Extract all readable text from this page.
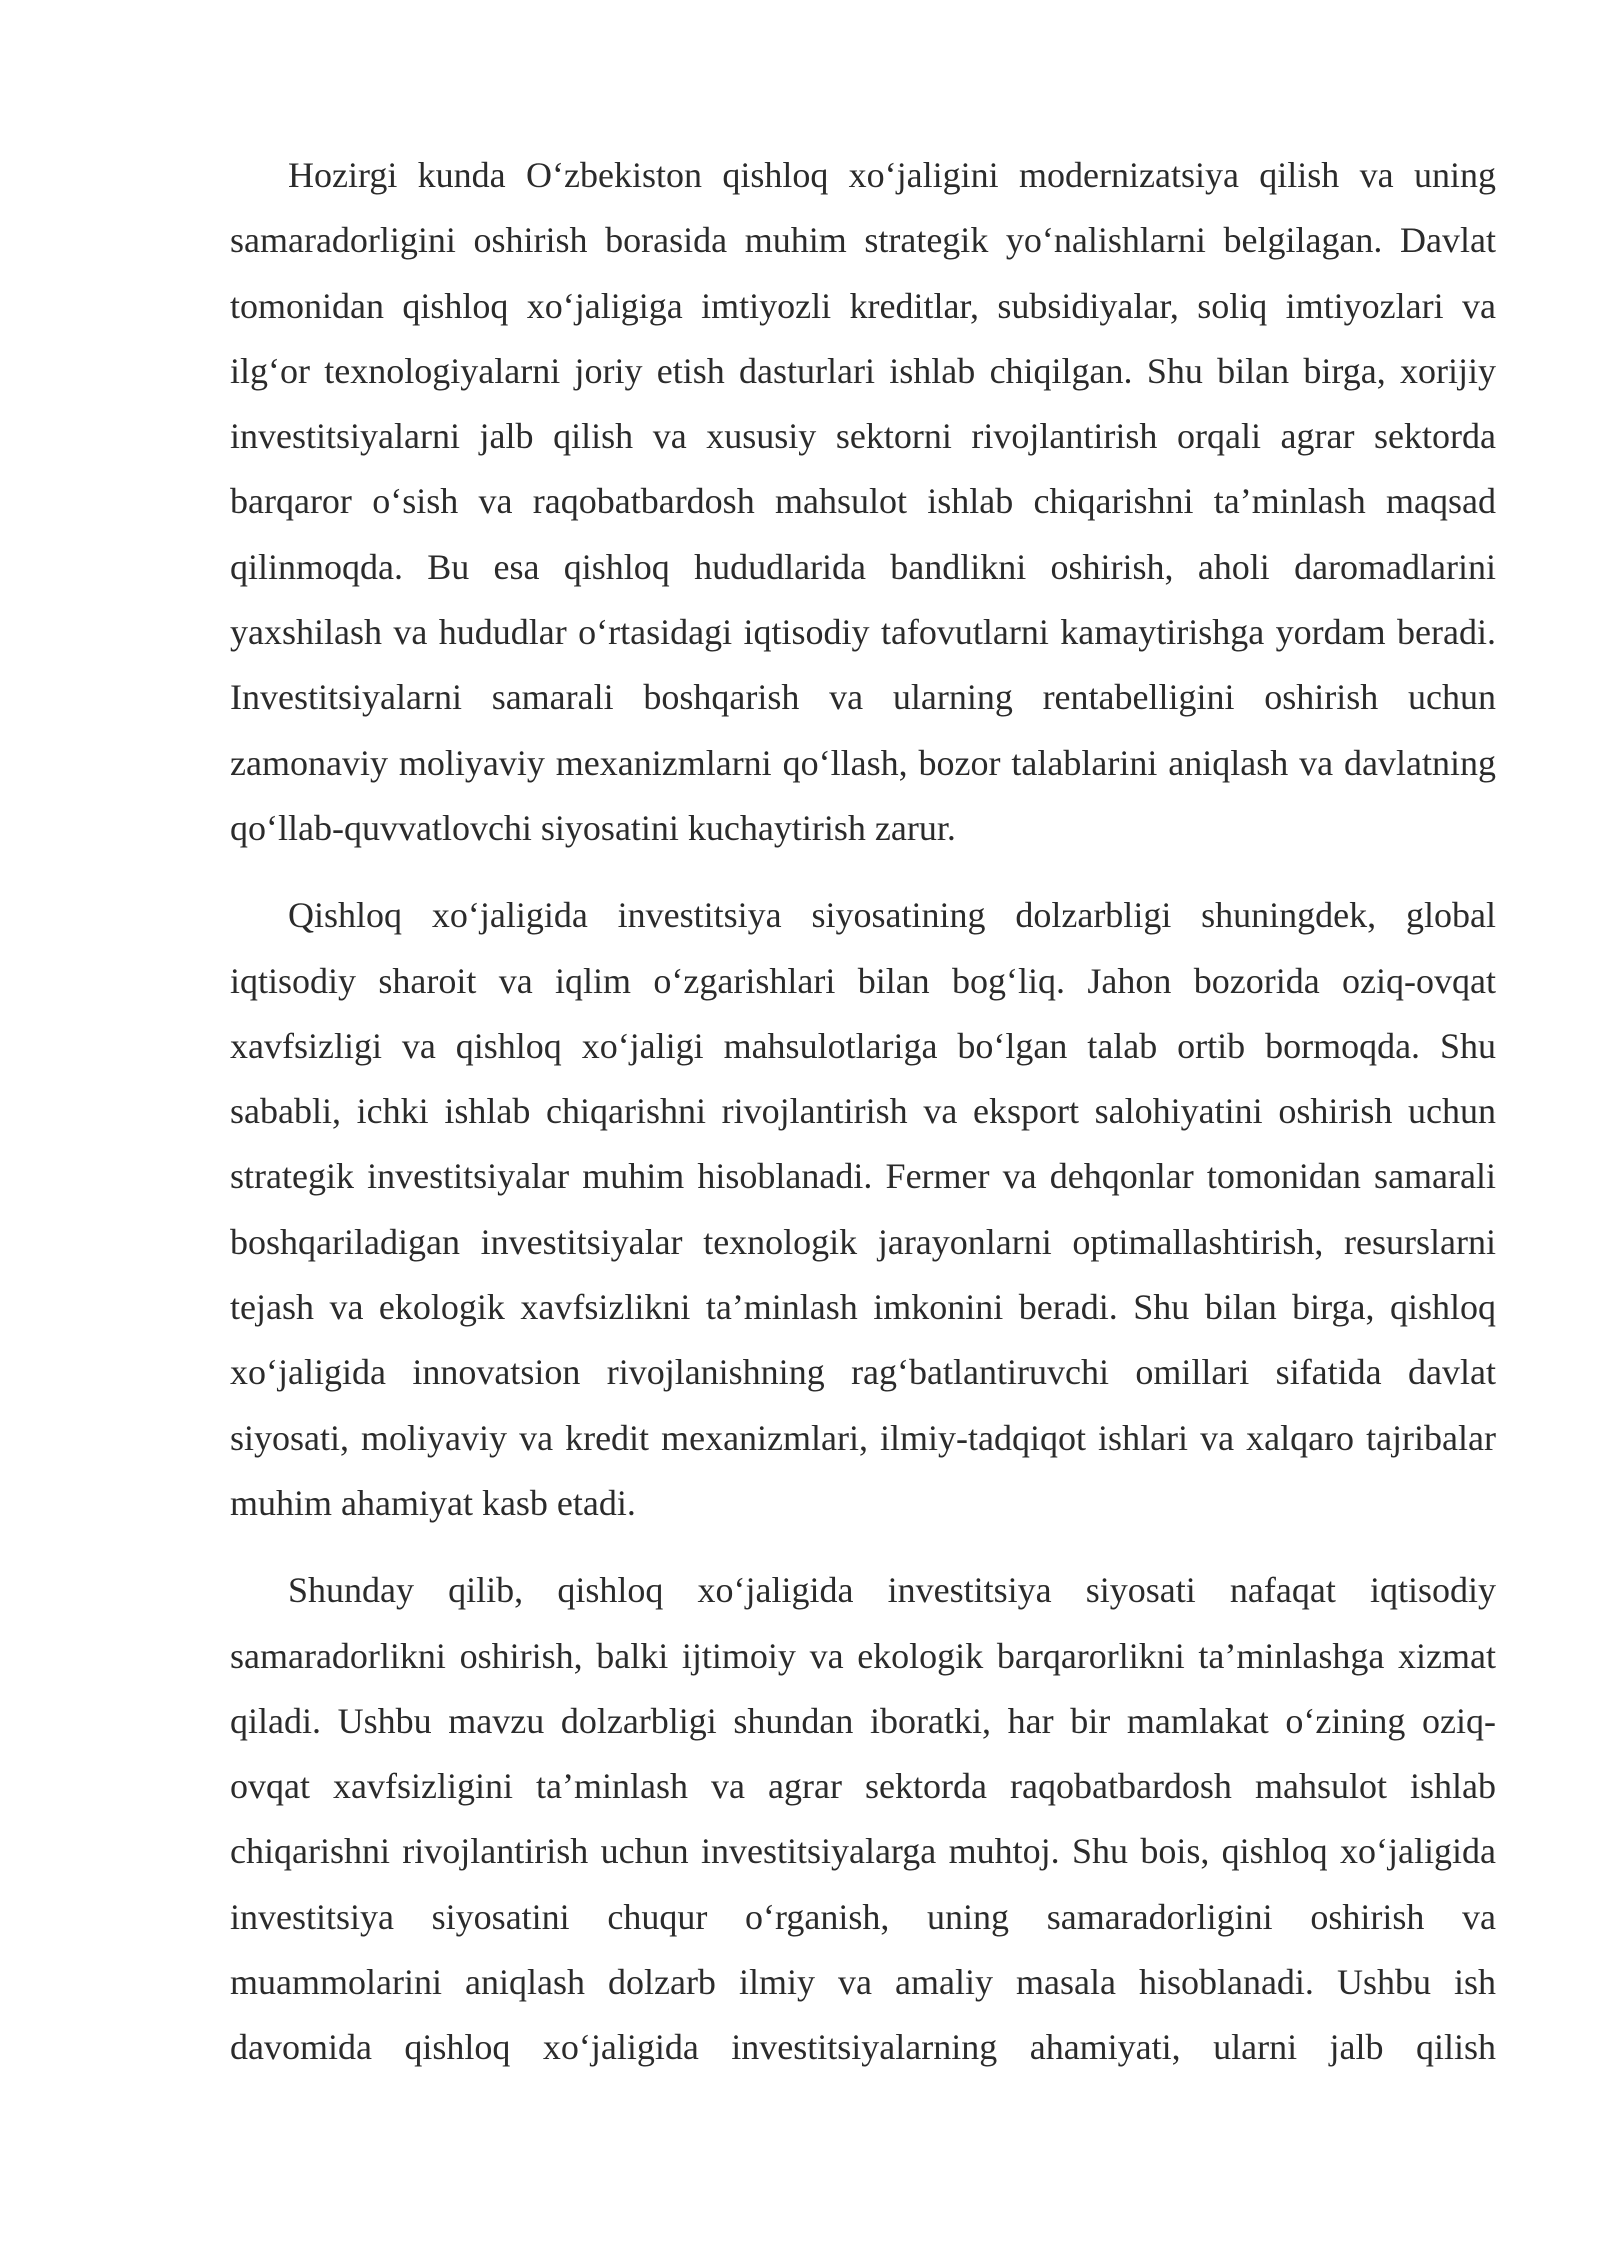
Hozirgi kunda O‘zbekiston qishloq xo‘jaligini modernizatsiya qilish va uning samaradorligini oshirish borasida muhim strategik yo‘nalishlarni belgilagan. Davlat tomonidan qishloq xo‘jaligiga imtiyozli kreditlar, subsidiyalar, soliq imtiyozlari va ilg‘or texnologiyalarni joriy etish dasturlari ishlab chiqilgan. Shu bilan birga, xorijiy investitsiyalarni jalb qilish va xususiy sektorni rivojlantirish orqali agrar sektorda barqaror o‘sish va raqobatbardosh mahsulot ishlab chiqarishni ta’minlash maqsad qilinmoqda. Bu esa qishloq hududlarida bandlikni oshirish, aholi daromadlarini yaxshilash va hududlar o‘rtasidagi iqtisodiy tafovutlarni kamaytirishga yordam beradi. Investitsiyalarni samarali boshqarish va ularning rentabelligini oshirish uchun zamonaviy moliyaviy mexanizmlarni qo‘llash, bozor talablarini aniqlash va davlatning qo‘llab-quvvatlovchi siyosatini kuchaytirish zarur.

Qishloq xo‘jaligida investitsiya siyosatining dolzarbligi shuningdek, global iqtisodiy sharoit va iqlim o‘zgarishlari bilan bog‘liq. Jahon bozorida oziq-ovqat xavfsizligi va qishloq xo‘jaligi mahsulotlariga bo‘lgan talab ortib bormoqda. Shu sababli, ichki ishlab chiqarishni rivojlantirish va eksport salohiyatini oshirish uchun strategik investitsiyalar muhim hisoblanadi. Fermer va dehqonlar tomonidan samarali boshqariladigan investitsiyalar texnologik jarayonlarni optimallashtirish, resurslarni tejash va ekologik xavfsizlikni ta’minlash imkonini beradi. Shu bilan birga, qishloq xo‘jaligida innovatsion rivojlanishning rag‘batlantiruvchi omillari sifatida davlat siyosati, moliyaviy va kredit mexanizmlari, ilmiy-tadqiqot ishlari va xalqaro tajribalar muhim ahamiyat kasb etadi.

Shunday qilib, qishloq xo‘jaligida investitsiya siyosati nafaqat iqtisodiy samaradorlikni oshirish, balki ijtimoiy va ekologik barqarorlikni ta’minlashga xizmat qiladi. Ushbu mavzu dolzarbligi shundan iboratki, har bir mamlakat o‘zining oziq-ovqat xavfsizligini ta’minlash va agrar sektorda raqobatbardosh mahsulot ishlab chiqarishni rivojlantirish uchun investitsiyalarga muhtoj. Shu bois, qishloq xo‘jaligida investitsiya siyosatini chuqur o‘rganish, uning samaradorligini oshirish va muammolarini aniqlash dolzarb ilmiy va amaliy masala hisoblanadi. Ushbu ish davomida qishloq xo‘jaligida investitsiyalarning ahamiyati, ularni jalb qilish
